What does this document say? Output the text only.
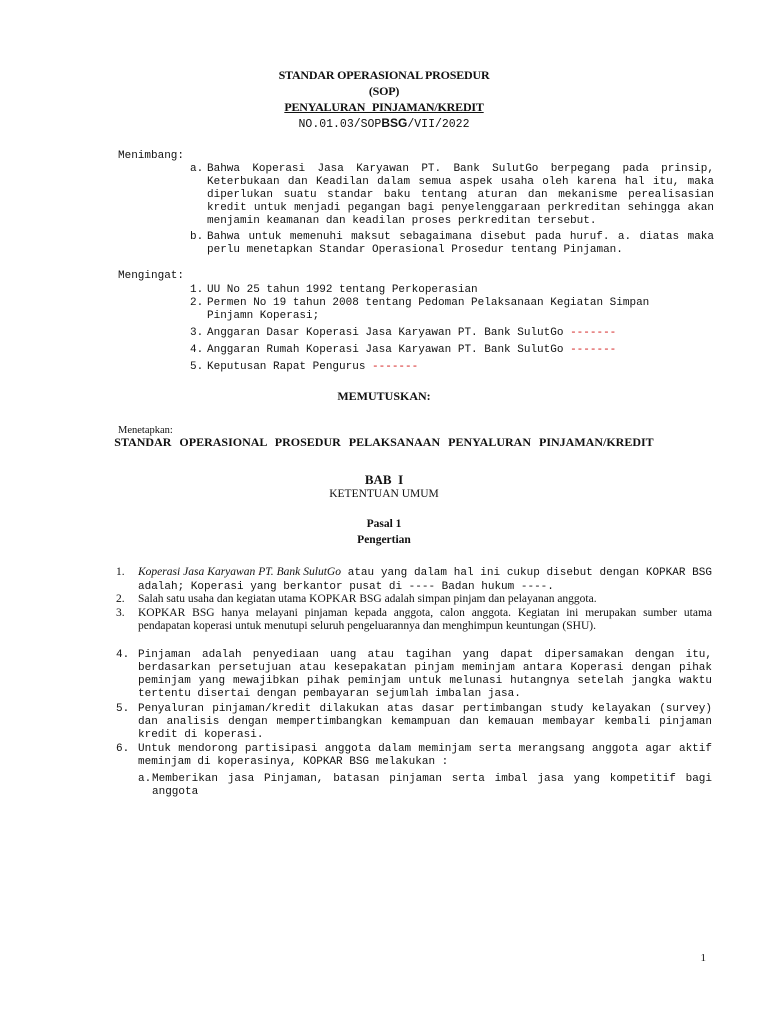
STANDAR OPERASIONAL PROSEDUR
(SOP)
PENYALURAN PINJAMAN/KREDIT
NO.01.03/SOPBSG/VII/2022
Menimbang:
a. Bahwa Koperasi Jasa Karyawan PT. Bank SulutGo berpegang pada prinsip, Keterbukaan dan Keadilan dalam semua aspek usaha oleh karena hal itu, maka diperlukan suatu standar baku tentang aturan dan mekanisme perealisasian kredit untuk menjadi pegangan bagi penyelenggaraan perkreditan sehingga akan menjamin keamanan dan keadilan proses perkreditan tersebut.
b. Bahwa untuk memenuhi maksut sebagaimana disebut pada huruf. a. diatas maka perlu menetapkan Standar Operasional Prosedur tentang Pinjaman.
Mengingat:
1. UU No 25 tahun 1992 tentang Perkoperasian
2. Permen No 19 tahun 2008 tentang Pedoman Pelaksanaan Kegiatan Simpan Pinjamn Koperasi;
3. Anggaran Dasar Koperasi Jasa Karyawan PT. Bank SulutGo -------
4. Anggaran Rumah Koperasi Jasa Karyawan PT. Bank SulutGo -------
5. Keputusan Rapat Pengurus -------
MEMUTUSKAN:
Menetapkan:
STANDAR OPERASIONAL PROSEDUR PELAKSANAAN PENYALURAN PINJAMAN/KREDIT
BAB  I
KETENTUAN UMUM
Pasal 1
Pengertian
1. Koperasi Jasa Karyawan PT. Bank SulutGo atau yang dalam hal ini cukup disebut dengan KOPKAR BSG adalah; Koperasi yang berkantor pusat di ---- Badan hukum ----.
2. Salah satu usaha dan kegiatan utama KOPKAR BSG adalah simpan pinjam dan pelayanan anggota.
3. KOPKAR BSG hanya melayani pinjaman kepada anggota, calon anggota. Kegiatan ini merupakan sumber utama pendapatan koperasi untuk menutupi seluruh pengeluarannya dan menghimpun keuntungan (SHU).
4. Pinjaman adalah penyediaan uang atau tagihan yang dapat dipersamakan dengan itu, berdasarkan persetujuan atau kesepakatan pinjam meminjam antara Koperasi dengan pihak peminjam yang mewajibkan pihak peminjam untuk melunasi hutangnya setelah jangka waktu tertentu disertai dengan pembayaran sejumlah imbalan jasa.
5. Penyaluran pinjaman/kredit dilakukan atas dasar pertimbangan study kelayakan (survey) dan analisis dengan mempertimbangkan kemampuan dan kemauan membayar kembali pinjaman kredit di koperasi.
6. Untuk mendorong partisipasi anggota dalam meminjam serta merangsang anggota agar aktif meminjam di koperasinya, KOPKAR BSG melakukan :
a. Memberikan jasa Pinjaman, batasan pinjaman serta imbal jasa yang kompetitif bagi anggota
1
